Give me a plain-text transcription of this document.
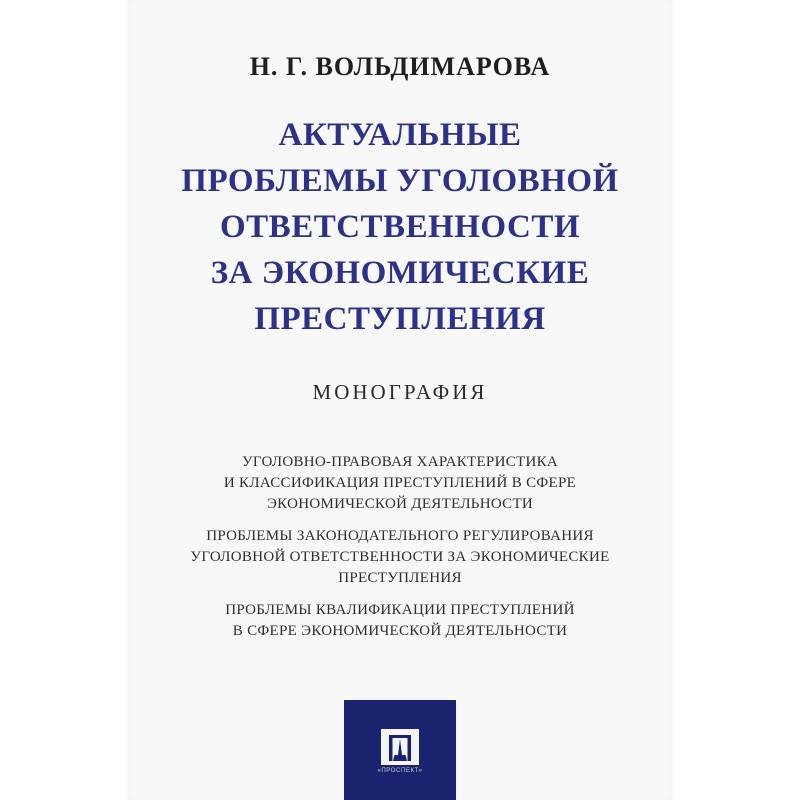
Н. Г. ВОЛЬДИМАРОВА
АКТУАЛЬНЫЕ
ПРОБЛЕМЫ УГОЛОВНОЙ
ОТВЕТСТВЕННОСТИ
ЗА ЭКОНОМИЧЕСКИЕ
ПРЕСТУПЛЕНИЯ
МОНОГРАФИЯ
УГОЛОВНО-ПРАВОВАЯ ХАРАКТЕРИСТИКА
И КЛАССИФИКАЦИЯ ПРЕСТУПЛЕНИЙ В СФЕРЕ
ЭКОНОМИЧЕСКОЙ ДЕЯТЕЛЬНОСТИ
ПРОБЛЕМЫ ЗАКОНОДАТЕЛЬНОГО РЕГУЛИРОВАНИЯ
УГОЛОВНОЙ ОТВЕТСТВЕННОСТИ ЗА ЭКОНОМИЧЕСКИЕ
ПРЕСТУПЛЕНИЯ
ПРОБЛЕМЫ КВАЛИФИКАЦИИ ПРЕСТУПЛЕНИЙ
В СФЕРЕ ЭКОНОМИЧЕСКОЙ ДЕЯТЕЛЬНОСТИ
«ПРОСПЕКТ»
